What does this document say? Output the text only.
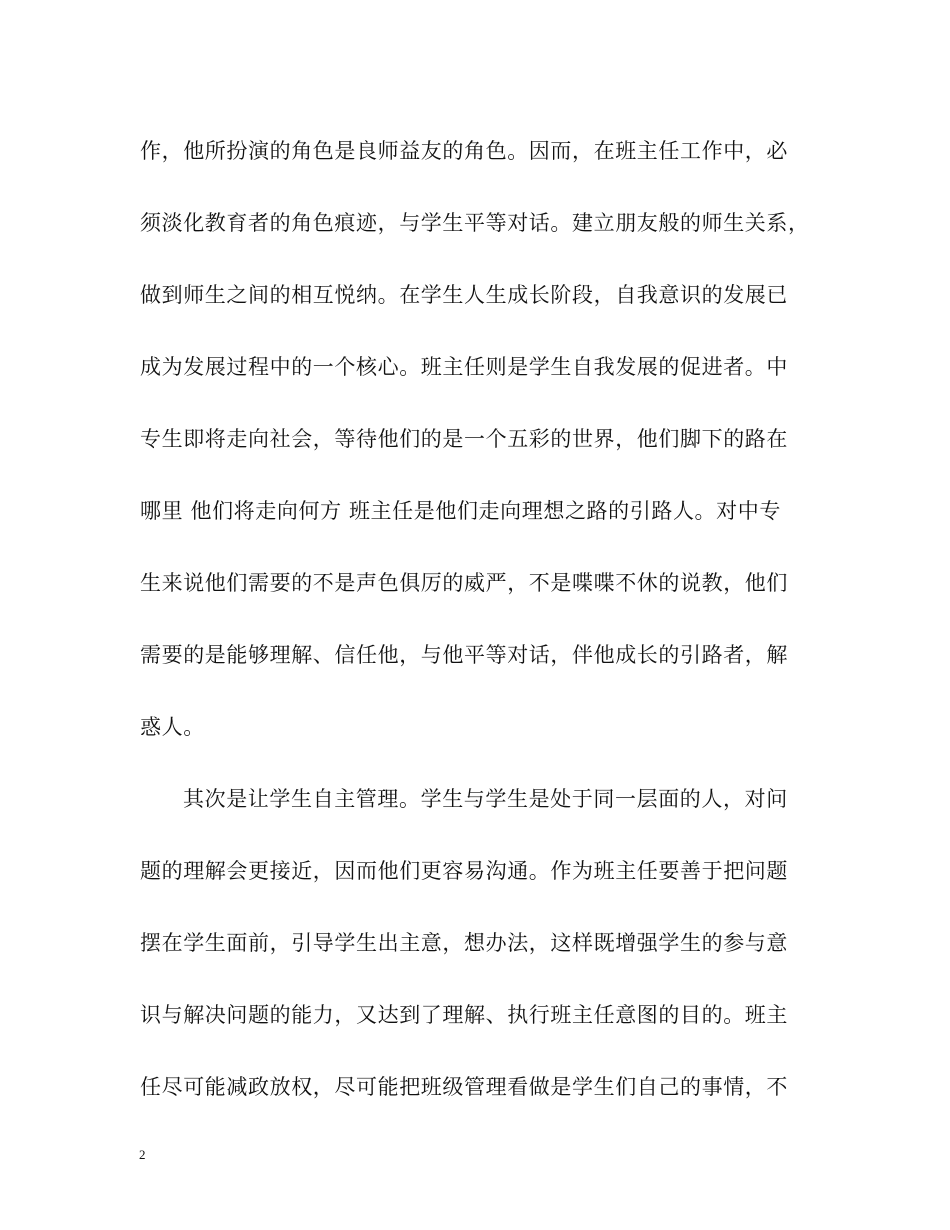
作，他所扮演的角色是良师益友的角色。因而，在班主任工作中，必
须淡化教育者的角色痕迹，与学生平等对话。建立朋友般的师生关系，
做到师生之间的相互悦纳。在学生人生成长阶段，自我意识的发展已
成为发展过程中的一个核心。班主任则是学生自我发展的促进者。中
专生即将走向社会，等待他们的是一个五彩的世界，他们脚下的路在
哪里 他们将走向何方 班主任是他们走向理想之路的引路人。对中专
生来说他们需要的不是声色俱厉的威严，不是喋喋不休的说教，他们
需要的是能够理解、信任他，与他平等对话，伴他成长的引路者，解
惑人。
其次是让学生自主管理。学生与学生是处于同一层面的人，对问
题的理解会更接近，因而他们更容易沟通。作为班主任要善于把问题
摆在学生面前，引导学生出主意，想办法，这样既增强学生的参与意
识与解决问题的能力，又达到了理解、执行班主任意图的目的。班主
任尽可能减政放权，尽可能把班级管理看做是学生们自己的事情，不
2
